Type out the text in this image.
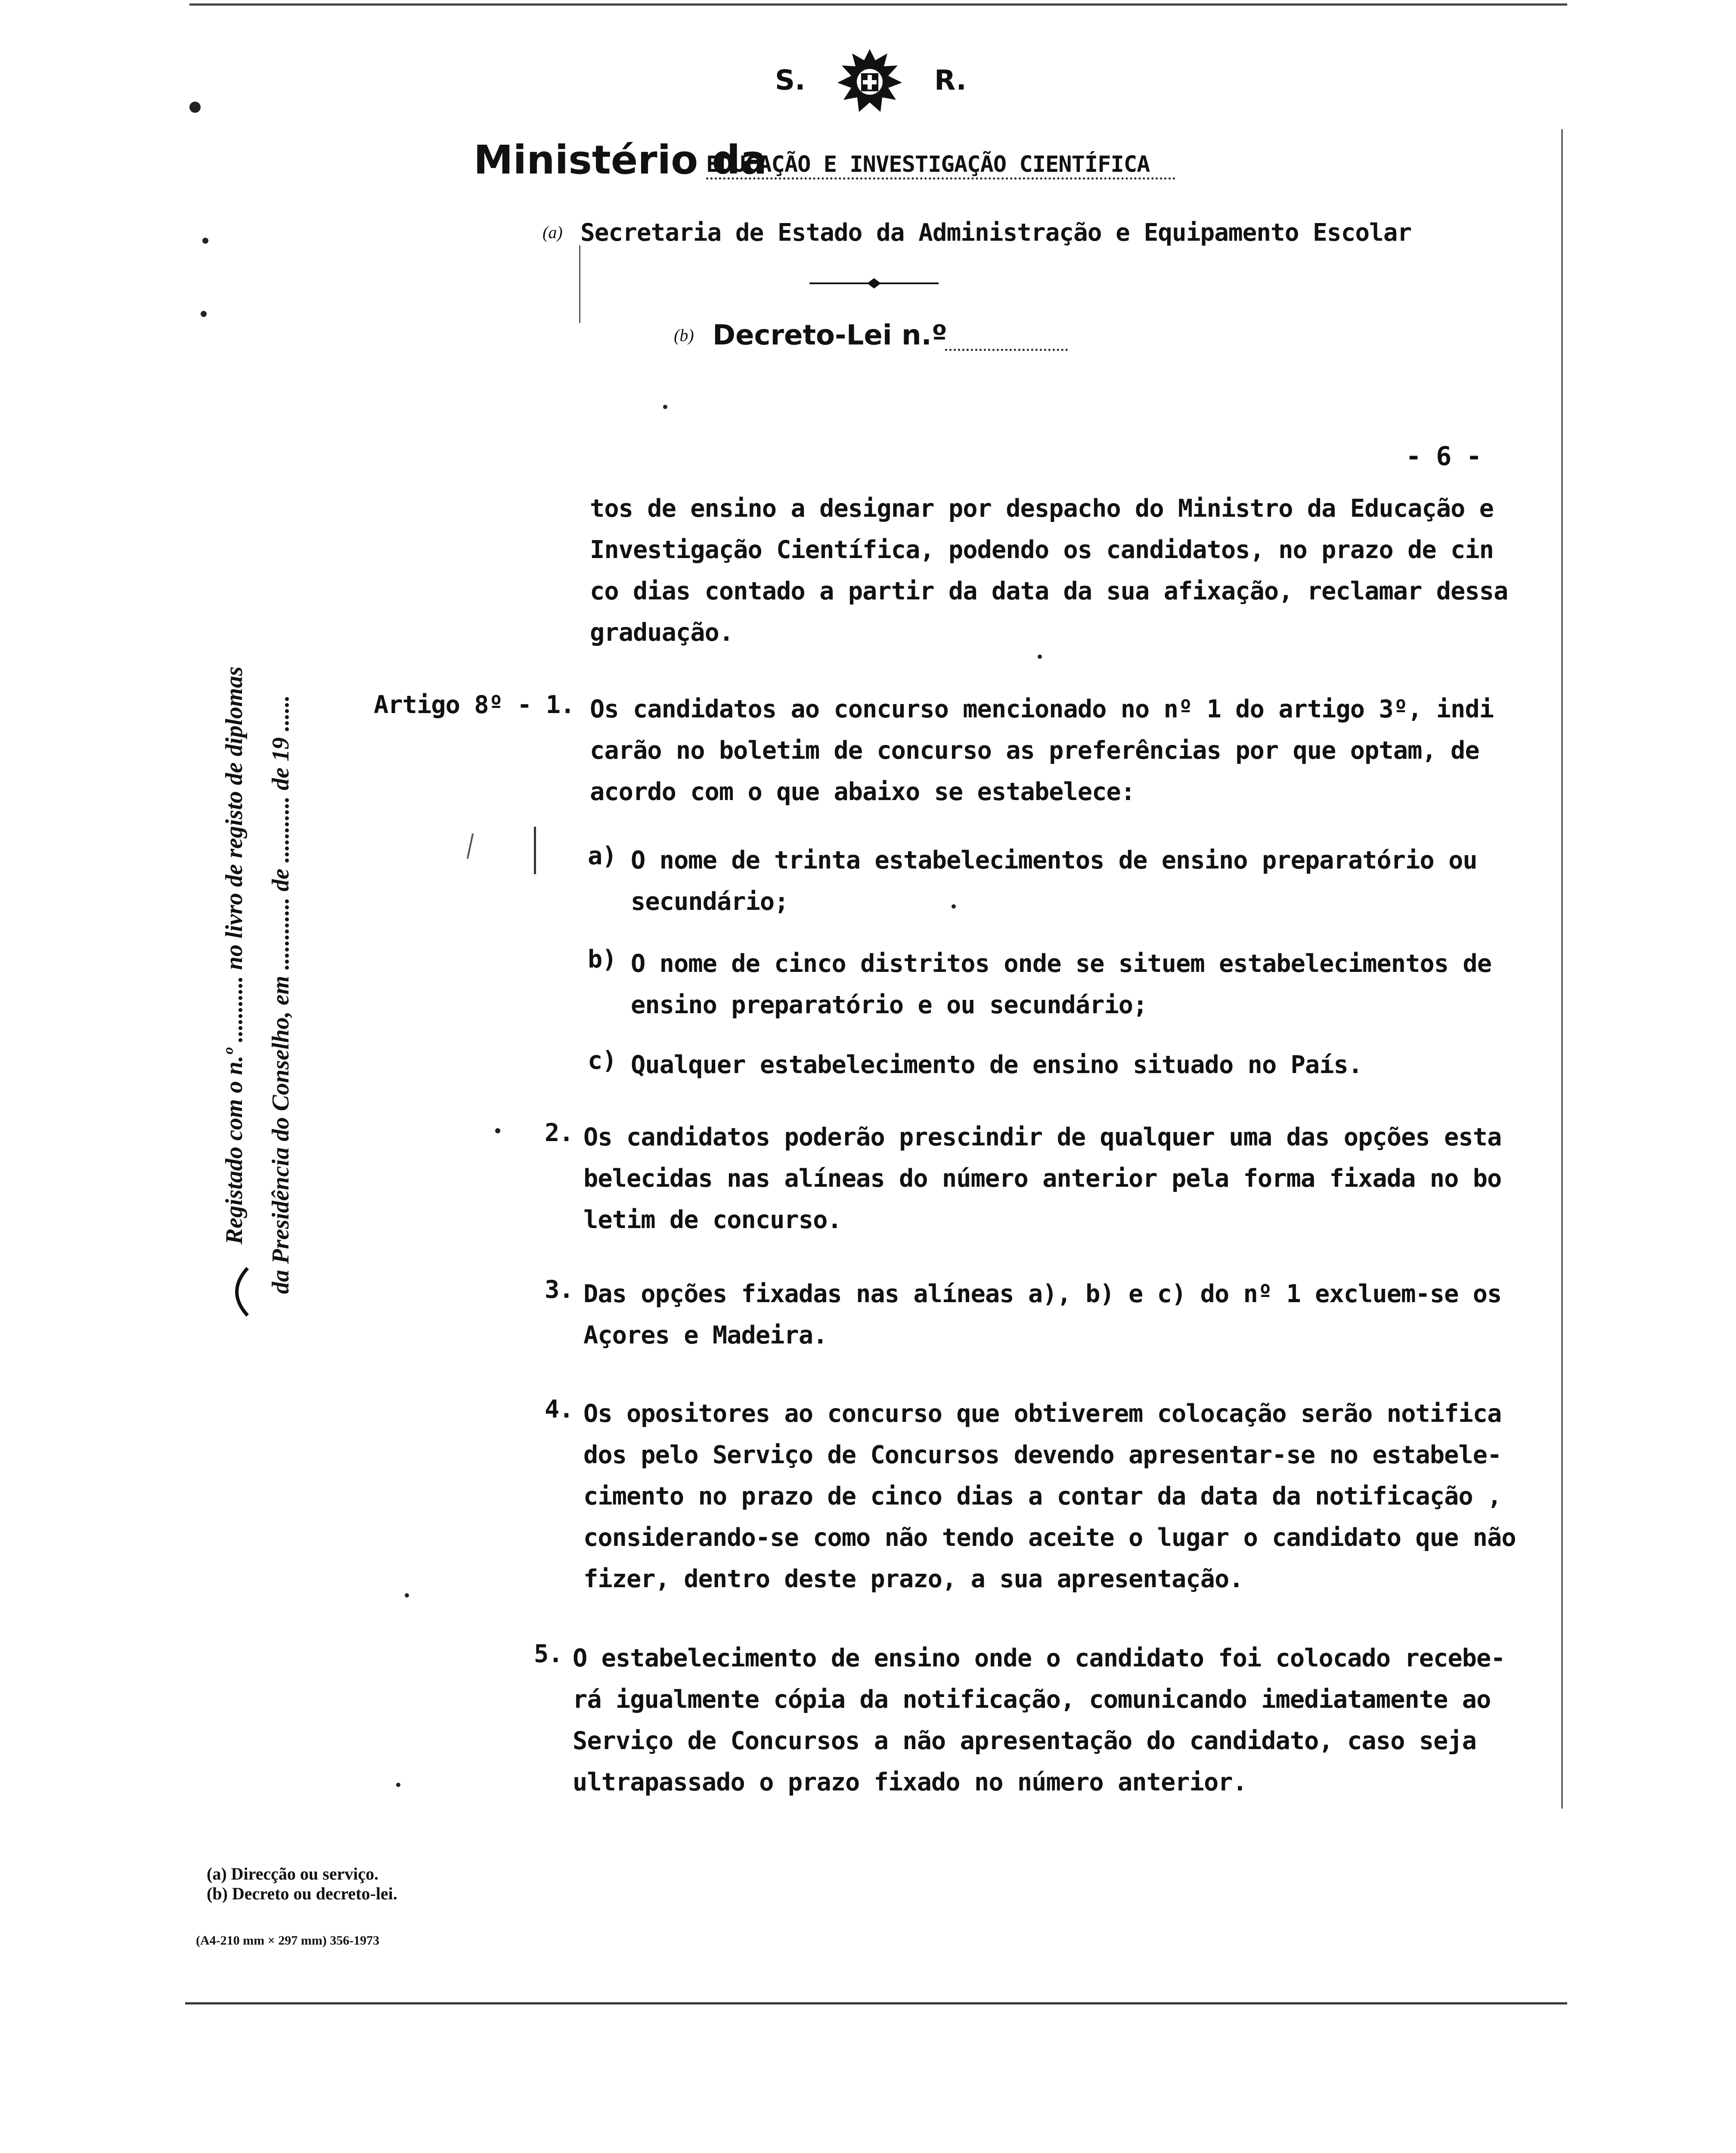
S.	R.
Ministério da
EDUCAÇÃO E INVESTIGAÇÃO CIENTÍFICA
(a) Secretaria de Estado da Administração e Equipamento Escolar
(b) Decreto-Lei n.º
- 6 -
Registado com o n.º ........... no livro de registo de diplomas da Presidência do Conselho, em ............ de ........... de 19 ......
tos de ensino a designar por despacho do Ministro da Educação e
Investigação Científica, podendo os candidatos, no prazo de cin
co dias contado a partir da data da sua afixação, reclamar dessa
graduação.
Artigo 8º - 1. Os candidatos ao concurso mencionado no nº 1 do artigo 3º, indi
carão no boletim de concurso as preferências por que optam, de
acordo com o que abaixo se estabelece:
a) O nome de trinta estabelecimentos de ensino preparatório ou
secundário;
b) O nome de cinco distritos onde se situem estabelecimentos de
ensino preparatório e ou secundário;
c) Qualquer estabelecimento de ensino situado no País.
2. Os candidatos poderão prescindir de qualquer uma das opções esta
belecidas nas alíneas do número anterior pela forma fixada no bo
letim de concurso.
3. Das opções fixadas nas alíneas a), b) e c) do nº 1 excluem-se os
Açores e Madeira.
4. Os opositores ao concurso que obtiverem colocação serão notifica
dos pelo Serviço de Concursos devendo apresentar-se no estabele-
cimento no prazo de cinco dias a contar da data da notificação ,
considerando-se como não tendo aceite o lugar o candidato que não
fizer, dentro deste prazo, a sua apresentação.
5. O estabelecimento de ensino onde o candidato foi colocado recebe-
rá igualmente cópia da notificação, comunicando imediatamente ao
Serviço de Concursos a não apresentação do candidato, caso seja
ultrapassado o prazo fixado no número anterior.
(a) Direcção ou serviço.
(b) Decreto ou decreto-lei.
(A4-210 mm × 297 mm) 356-1973
